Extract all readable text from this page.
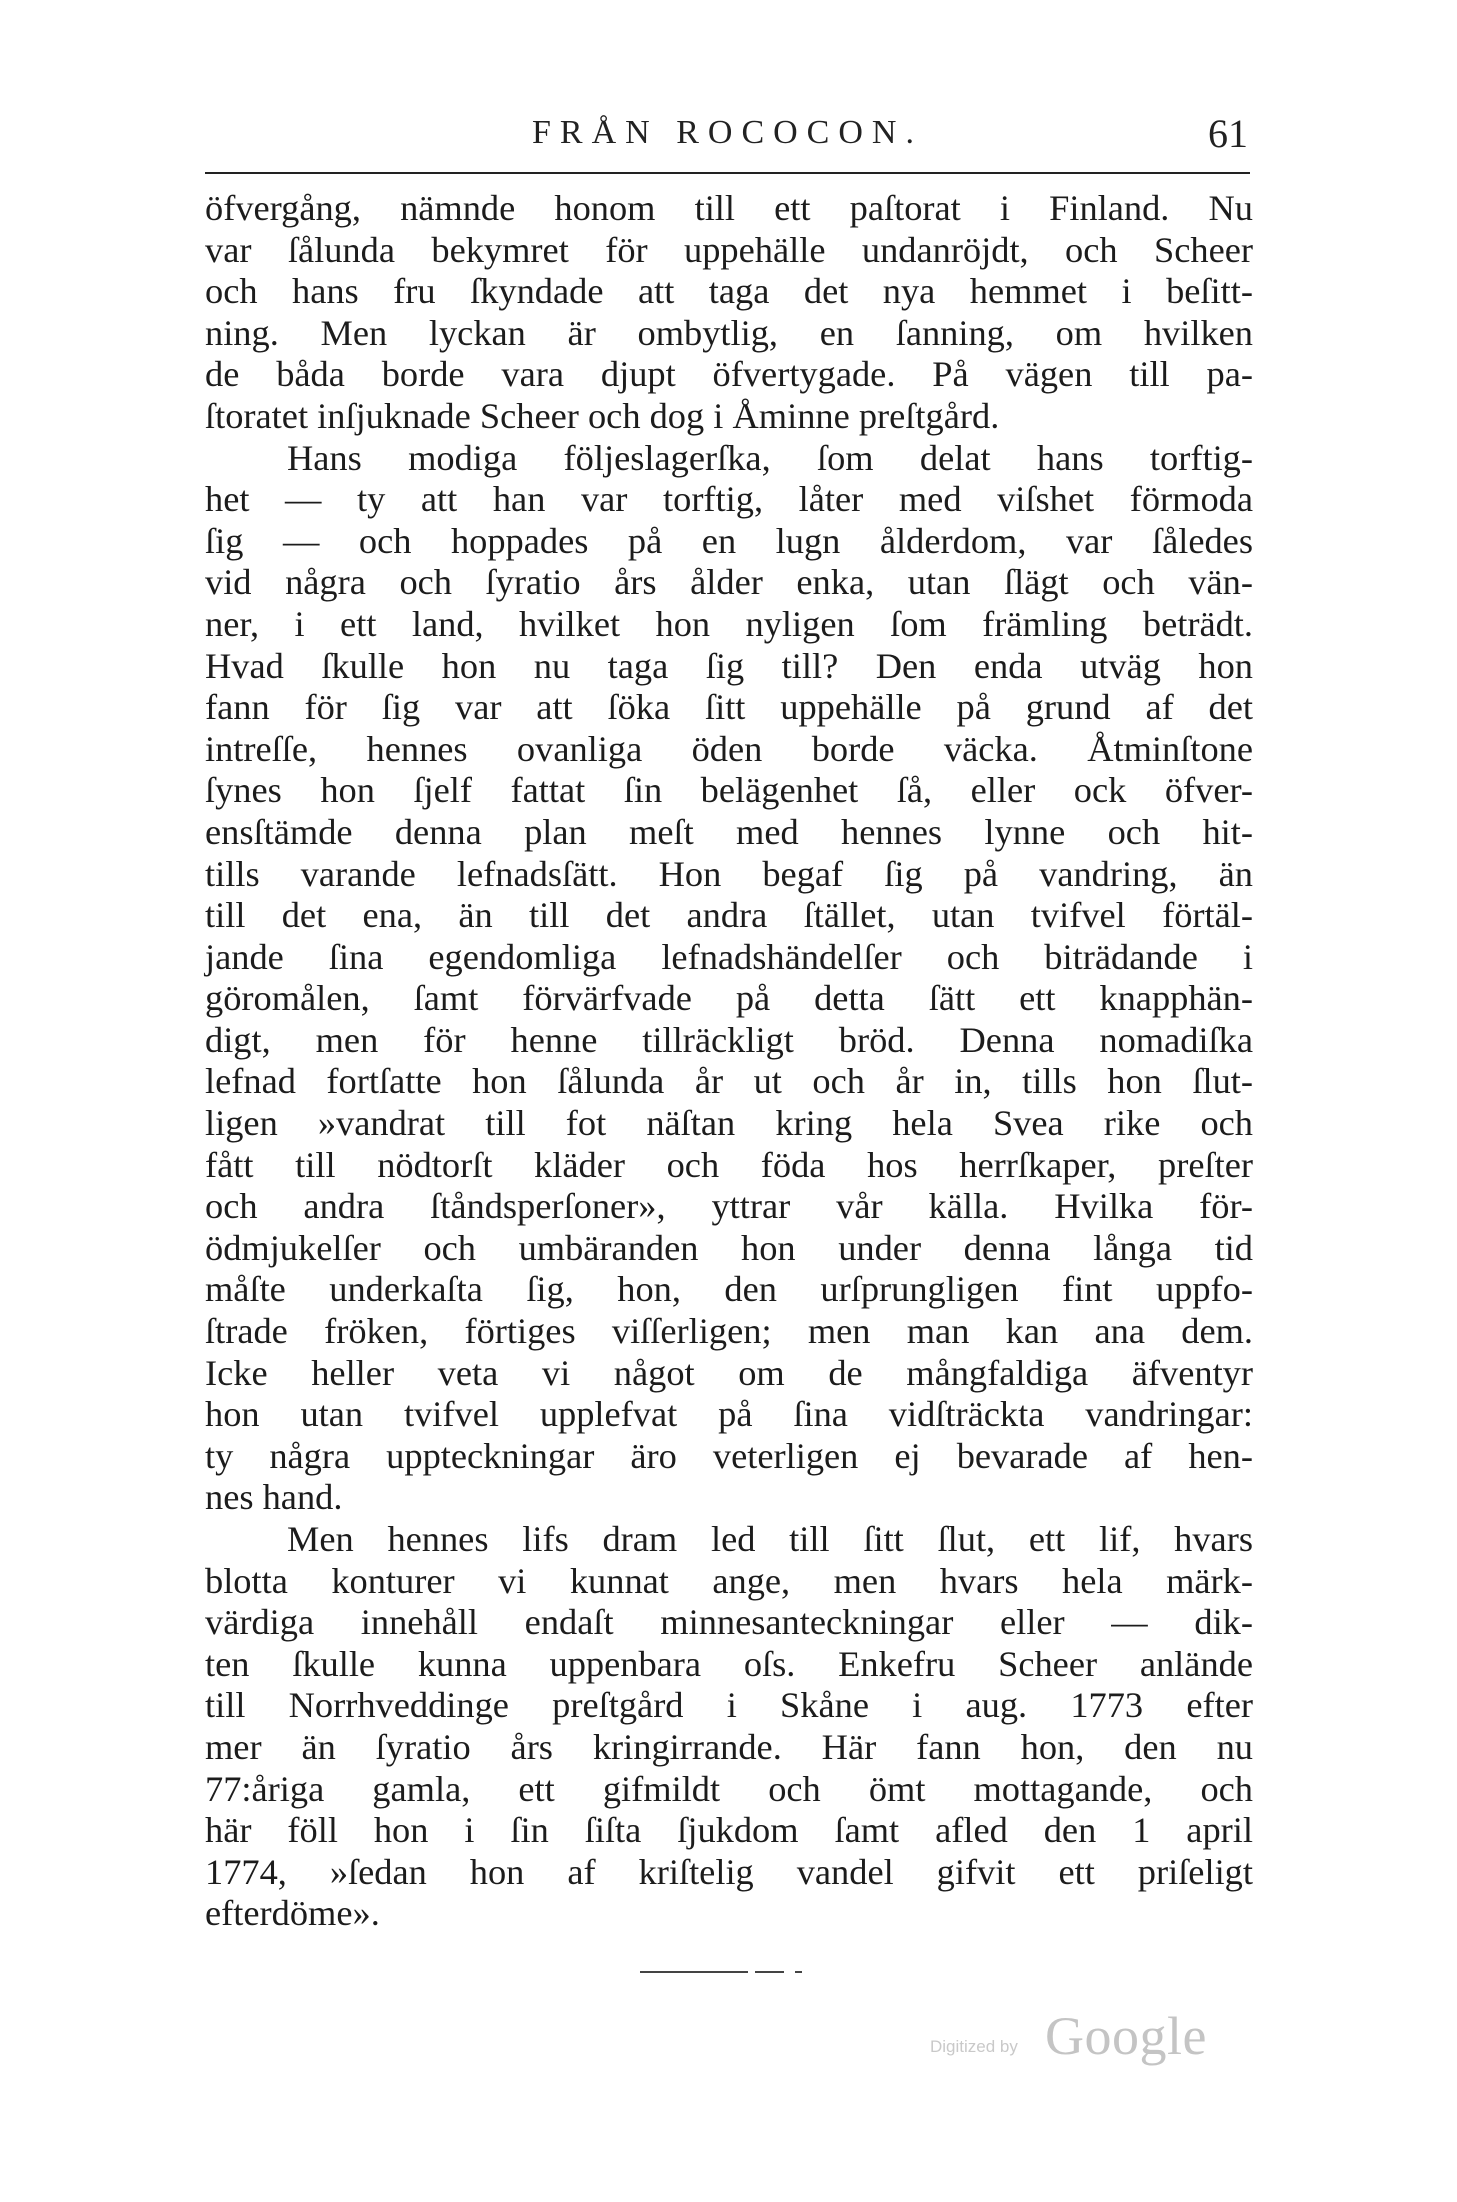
FRÅN ROCOCON.	61
öfvergång, nämnde honom till ett paſtorat i Finland. Nu
var ſålunda bekymret för uppehälle undanröjdt, och Scheer
och hans fru ſkyndade att taga det nya hemmet i beſitt-
ning. Men lyckan är ombytlig, en ſanning, om hvilken
de båda borde vara djupt öfvertygade. På vägen till pa-
ſtoratet inſjuknade Scheer och dog i Åminne preſtgård.
Hans modiga följeslagerſka, ſom delat hans torftig-
het — ty att han var torftig, låter med viſshet förmoda
ſig — och hoppades på en lugn ålderdom, var ſåledes
vid några och ſyratio års ålder enka, utan ſlägt och vän-
ner, i ett land, hvilket hon nyligen ſom främling beträdt.
Hvad ſkulle hon nu taga ſig till? Den enda utväg hon
fann för ſig var att ſöka ſitt uppehälle på grund af det
intreſſe, hennes ovanliga öden borde väcka. Åtminſtone
ſynes hon ſjelf fattat ſin belägenhet ſå, eller ock öfver-
ensſtämde denna plan meſt med hennes lynne och hit-
tills varande lefnadsſätt. Hon begaf ſig på vandring, än
till det ena, än till det andra ſtället, utan tvifvel förtäl-
jande ſina egendomliga lefnadshändelſer och biträdande i
göromålen, ſamt förvärfvade på detta ſätt ett knapphän-
digt, men för henne tillräckligt bröd. Denna nomadiſka
lefnad fortſatte hon ſålunda år ut och år in, tills hon ſlut-
ligen »vandrat till fot näſtan kring hela Svea rike och
fått till nödtorſt kläder och föda hos herrſkaper, preſter
och andra ſtåndsperſoner», yttrar vår källa. Hvilka för-
ödmjukelſer och umbäranden hon under denna långa tid
måſte underkaſta ſig, hon, den urſprungligen fint uppfo-
ſtrade fröken, förtiges viſſerligen; men man kan ana dem.
Icke heller veta vi något om de mångfaldiga äfventyr
hon utan tvifvel upplefvat på ſina vidſträckta vandringar:
ty några uppteckningar äro veterligen ej bevarade af hen-
nes hand.
Men hennes lifs dram led till ſitt ſlut, ett lif, hvars
blotta konturer vi kunnat ange, men hvars hela märk-
värdiga innehåll endaſt minnesanteckningar eller — dik-
ten ſkulle kunna uppenbara oſs. Enkefru Scheer anlände
till Norrhveddinge preſtgård i Skåne i aug. 1773 efter
mer än ſyratio års kringirrande. Här fann hon, den nu
77:åriga gamla, ett gifmildt och ömt mottagande, och
här föll hon i ſin ſiſta ſjukdom ſamt afled den 1 april
1774, »ſedan hon af kriſtelig vandel gifvit ett priſeligt
efterdöme».
Digitized by Google
